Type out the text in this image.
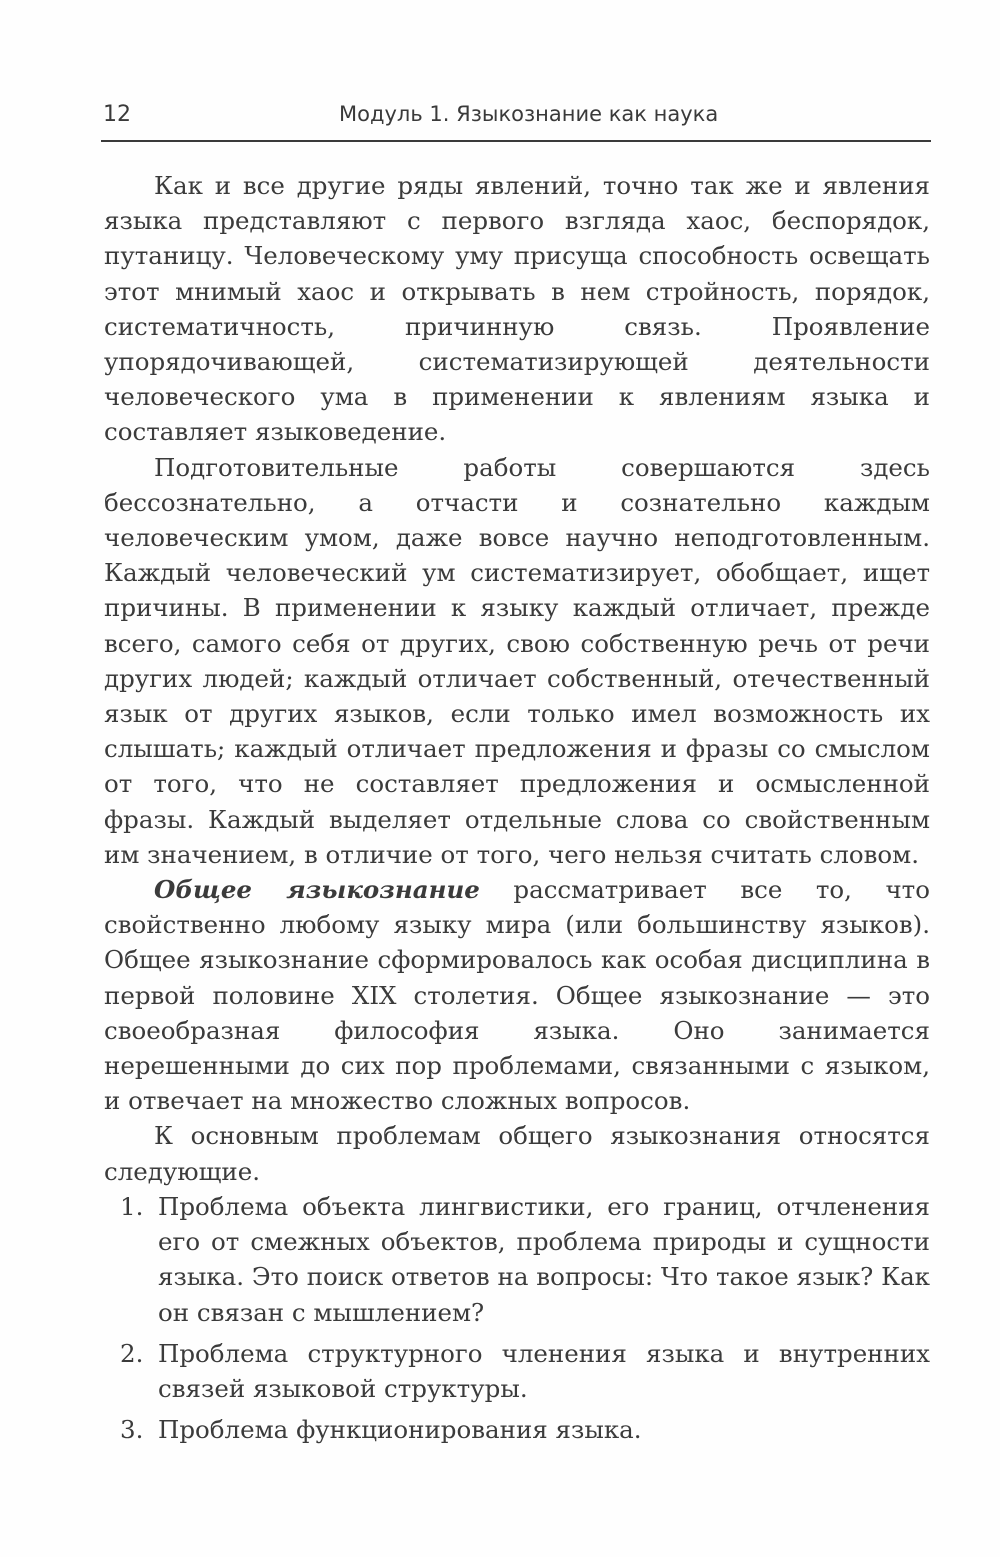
12	Модуль 1. Языкознание как наука

Как и все другие ряды явлений, точно так же и явления языка представляют с первого взгляда хаос, беспорядок, путаницу. Человеческому уму присуща способность освещать этот мнимый хаос и открывать в нем стройность, порядок, систематичность, причинную связь. Проявление упорядочивающей, систематизирующей деятельности человеческого ума в применении к явлениям языка и составляет языковедение.

Подготовительные работы совершаются здесь бессознательно, а отчасти и сознательно каждым человеческим умом, даже вовсе научно неподготовленным. Каждый человеческий ум систематизирует, обобщает, ищет причины. В применении к языку каждый отличает, прежде всего, самого себя от других, свою собственную речь от речи других людей; каждый отличает собственный, отечественный язык от других языков, если только имел возможность их слышать; каждый отличает предложения и фразы со смыслом от того, что не составляет предложения и осмысленной фразы. Каждый выделяет отдельные слова со свойственным им значением, в отличие от того, чего нельзя считать словом.

Общее языкознание рассматривает все то, что свойственно любому языку мира (или большинству языков). Общее языкознание сформировалось как особая дисциплина в первой половине XIX столетия. Общее языкознание — это своеобразная философия языка. Оно занимается нерешенными до сих пор проблемами, связанными с языком, и отвечает на множество сложных вопросов.

К основным проблемам общего языкознания относятся следующие.

1. Проблема объекта лингвистики, его границ, отчленения его от смежных объектов, проблема природы и сущности языка. Это поиск ответов на вопросы: Что такое язык? Как он связан с мышлением?
2. Проблема структурного членения языка и внутренних связей языковой структуры.
3. Проблема функционирования языка.
